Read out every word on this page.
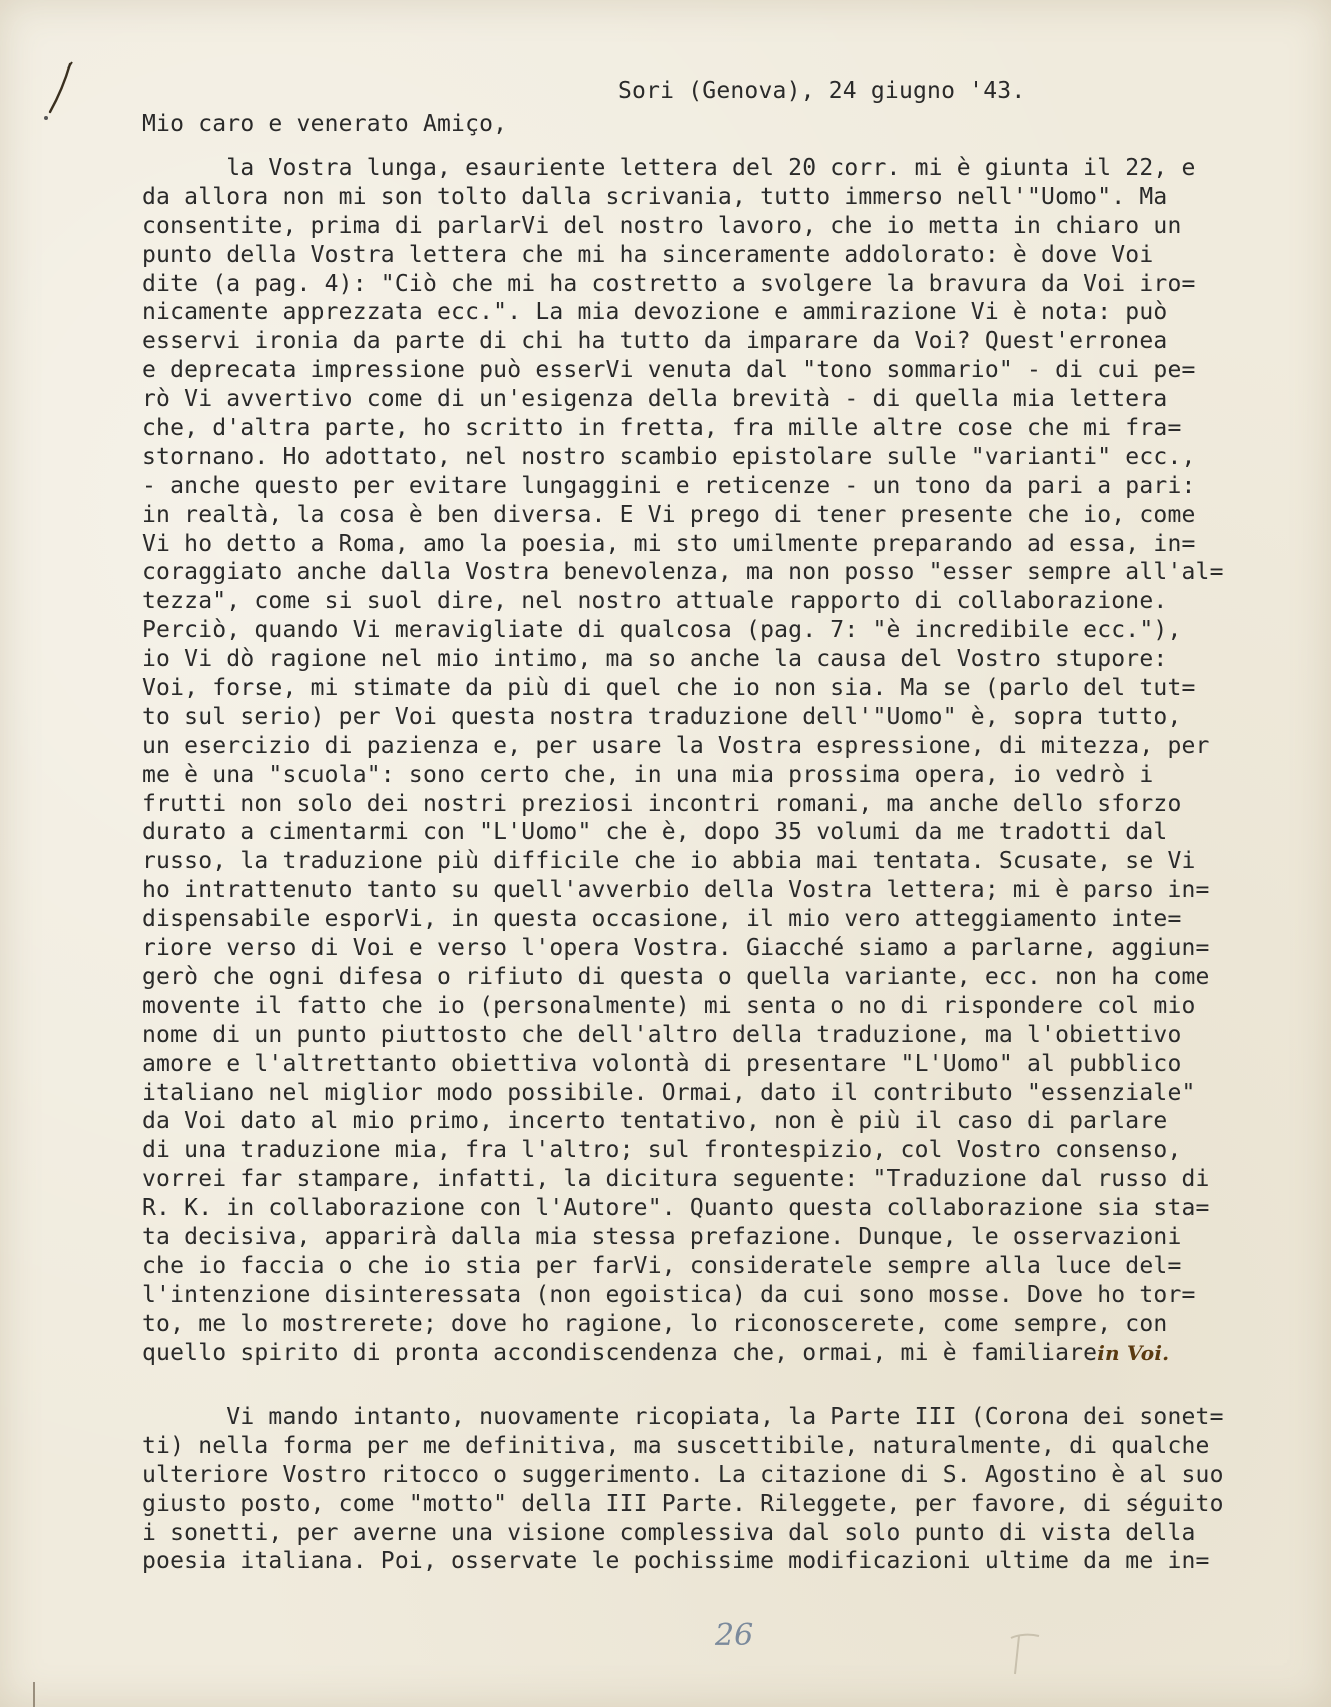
Sori (Genova), 24 giugno '43.
Mio caro e venerato Amiço,
la Vostra lunga, esauriente lettera del 20 corr. mi è giunta il 22, e
da allora non mi son tolto dalla scrivania, tutto immerso nell'"Uomo". Ma
consentite, prima di parlarVi del nostro lavoro, che io metta in chiaro un
punto della Vostra lettera che mi ha sinceramente addolorato: è dove Voi
dite (a pag. 4): "Ciò che mi ha costretto a svolgere la bravura da Voi iro=
nicamente apprezzata ecc.". La mia devozione e ammirazione Vi è nota: può
esservi ironia da parte di chi ha tutto da imparare da Voi? Quest'erronea
e deprecata impressione può esserVi venuta dal "tono sommario" - di cui pe=
rò Vi avvertivo come di un'esigenza della brevità - di quella mia lettera
che, d'altra parte, ho scritto in fretta, fra mille altre cose che mi fra=
stornano. Ho adottato, nel nostro scambio epistolare sulle "varianti" ecc.,
- anche questo per evitare lungaggini e reticenze - un tono da pari a pari:
in realtà, la cosa è ben diversa. E Vi prego di tener presente che io, come
Vi ho detto a Roma, amo la poesia, mi sto umilmente preparando ad essa, in=
coraggiato anche dalla Vostra benevolenza, ma non posso "esser sempre all'al=
tezza", come si suol dire, nel nostro attuale rapporto di collaborazione.
Perciò, quando Vi meravigliate di qualcosa (pag. 7: "è incredibile ecc."),
io Vi dò ragione nel mio intimo, ma so anche la causa del Vostro stupore:
Voi, forse, mi stimate da più di quel che io non sia. Ma se (parlo del tut=
to sul serio) per Voi questa nostra traduzione dell'"Uomo" è, sopra tutto,
un esercizio di pazienza e, per usare la Vostra espressione, di mitezza, per
me è una "scuola": sono certo che, in una mia prossima opera, io vedrò i
frutti non solo dei nostri preziosi incontri romani, ma anche dello sforzo
durato a cimentarmi con "L'Uomo" che è, dopo 35 volumi da me tradotti dal
russo, la traduzione più difficile che io abbia mai tentata. Scusate, se Vi
ho intrattenuto tanto su quell'avverbio della Vostra lettera; mi è parso in=
dispensabile esporVi, in questa occasione, il mio vero atteggiamento inte=
riore verso di Voi e verso l'opera Vostra. Giacché siamo a parlarne, aggiun=
gerò che ogni difesa o rifiuto di questa o quella variante, ecc. non ha come
movente il fatto che io (personalmente) mi senta o no di rispondere col mio
nome di un punto piuttosto che dell'altro della traduzione, ma l'obiettivo
amore e l'altrettanto obiettiva volontà di presentare "L'Uomo" al pubblico
italiano nel miglior modo possibile. Ormai, dato il contributo "essenziale"
da Voi dato al mio primo, incerto tentativo, non è più il caso di parlare
di una traduzione mia, fra l'altro; sul frontespizio, col Vostro consenso,
vorrei far stampare, infatti, la dicitura seguente: "Traduzione dal russo di
R. K. in collaborazione con l'Autore". Quanto questa collaborazione sia sta=
ta decisiva, apparirà dalla mia stessa prefazione. Dunque, le osservazioni
che io faccia o che io stia per farVi, consideratele sempre alla luce del=
l'intenzione disinteressata (non egoistica) da cui sono mosse. Dove ho tor=
to, me lo mostrerete; dove ho ragione, lo riconoscerete, come sempre, con
quello spirito di pronta accondiscendenza che, ormai, mi è familiarein Voi.
Vi mando intanto, nuovamente ricopiata, la Parte III (Corona dei sonet=
ti) nella forma per me definitiva, ma suscettibile, naturalmente, di qualche
ulteriore Vostro ritocco o suggerimento. La citazione di S. Agostino è al suo
giusto posto, come "motto" della III Parte. Rileggete, per favore, di séguito
i sonetti, per averne una visione complessiva dal solo punto di vista della
poesia italiana. Poi, osservate le pochissime modificazioni ultime da me in=
26
